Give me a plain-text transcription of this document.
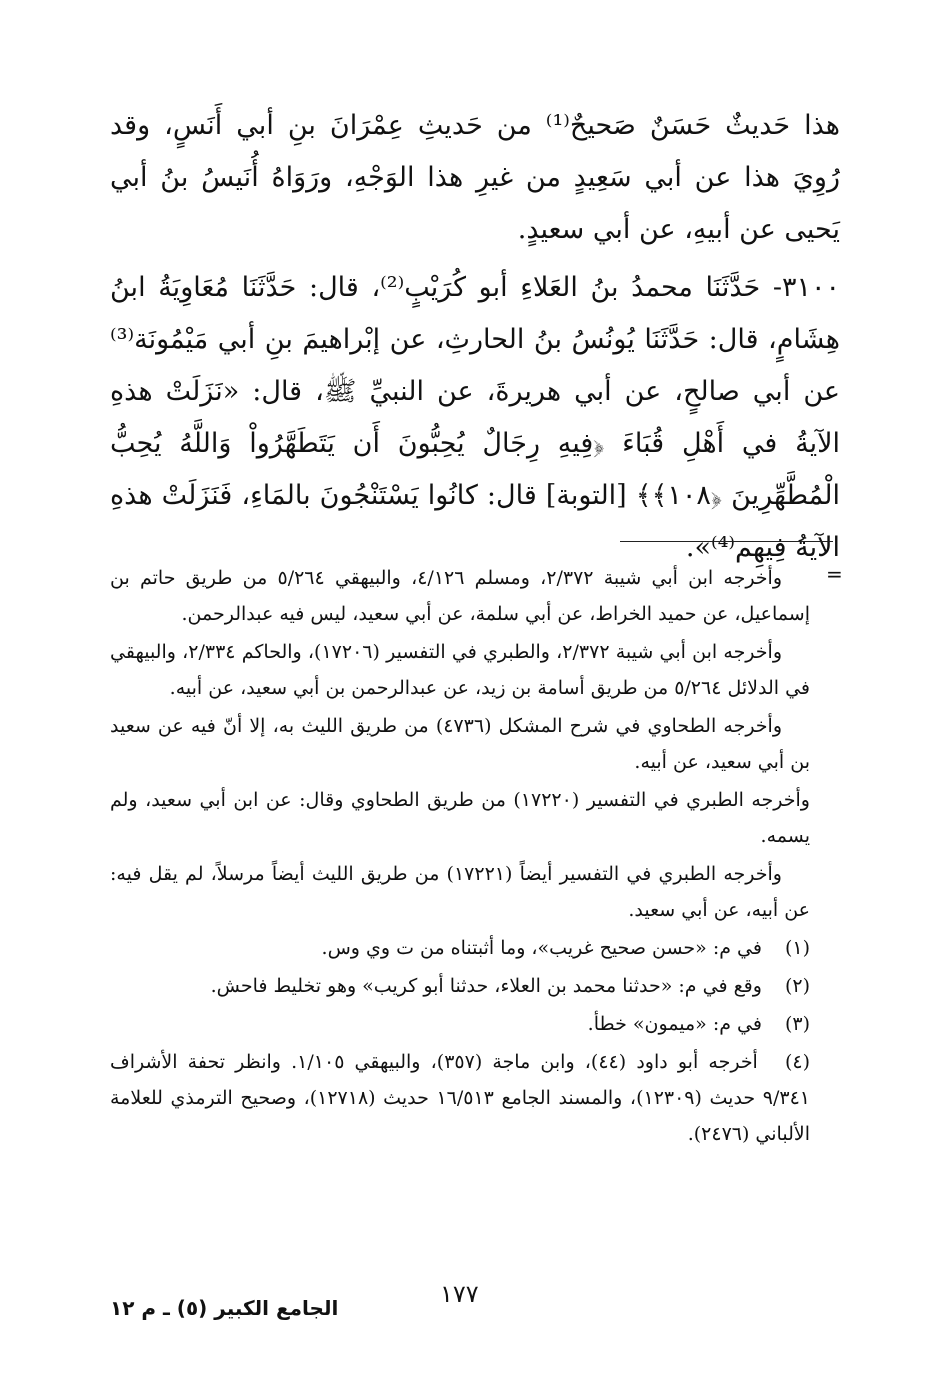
هذا حَديثٌ حَسَنٌ صَحيحٌ⁽¹⁾ من حَديثِ عِمْرَانَ بنِ أبي أَنَسٍ، وقد رُوِيَ هذا عن أبي سَعِيدٍ من غيرِ هذا الوَجْهِ، ورَوَاهُ أُنَيسُ بنُ أبي يَحيى عن أبيهِ، عن أبي سعيدٍ.

٣١٠٠- حَدَّثَنَا محمدُ بنُ العَلاءِ أبو كُرَيْبٍ⁽²⁾، قال: حَدَّثَنَا مُعَاوِيَةُ ابنُ هِشَامٍ، قال: حَدَّثَنَا يُونُسُ بنُ الحارثِ، عن إبْراهيمَ بنِ أبي مَيْمُونَة⁽³⁾ عن أبي صالحٍ، عن أبي هريرةَ، عن النبيِّ ﷺ، قال: «نَزَلَتْ هذهِ الآيةُ في أَهْلِ قُبَاءَ ﴿فِيهِ رِجَالٌ يُحِبُّونَ أَن يَتَطَهَّرُواْ وَاللَّهُ يُحِبُّ الْمُطَّهِّرِينَ ﴿١٠٨﴾﴾ [التوبة] قال: كانُوا يَسْتَنْجُونَ بالمَاءِ، فَنَزَلَتْ هذهِ الآيةُ فِيهِم⁽⁴⁾».

=

وأخرجه ابن أبي شيبة ٢/٣٧٢، ومسلم ٤/١٢٦، والبيهقي ٥/٢٦٤ من طريق حاتم بن إسماعيل، عن حميد الخراط، عن أبي سلمة، عن أبي سعيد، ليس فيه عبدالرحمن.

وأخرجه ابن أبي شيبة ٢/٣٧٢، والطبري في التفسير (١٧٢٠٦)، والحاكم ٢/٣٣٤، والبيهقي في الدلائل ٥/٢٦٤ من طريق أسامة بن زيد، عن عبدالرحمن بن أبي سعيد، عن أبيه.

وأخرجه الطحاوي في شرح المشكل (٤٧٣٦) من طريق الليث به، إلا أنّ فيه عن سعيد بن أبي سعيد، عن أبيه.

وأخرجه الطبري في التفسير (١٧٢٢٠) من طريق الطحاوي وقال: عن ابن أبي سعيد، ولم يسمه.

وأخرجه الطبري في التفسير أيضاً (١٧٢٢١) من طريق الليث أيضاً مرسلاً، لم يقل فيه: عن أبيه، عن أبي سعيد.

(١) في م: «حسن صحيح غريب»، وما أثبتناه من ت وي وس.

(٢) وقع في م: «حدثنا محمد بن العلاء، حدثنا أبو كريب» وهو تخليط فاحش.

(٣) في م: «ميمون» خطأ.

(٤) أخرجه أبو داود (٤٤)، وابن ماجة (٣٥٧)، والبيهقي ١/١٠٥. وانظر تحفة الأشراف ٩/٣٤١ حديث (١٢٣٠٩)، والمسند الجامع ١٦/٥١٣ حديث (١٢٧١٨)، وصحيح الترمذي للعلامة الألباني (٢٤٧٦).

١٧٧
الجامع الكبير (٥) ـ م ١٢
